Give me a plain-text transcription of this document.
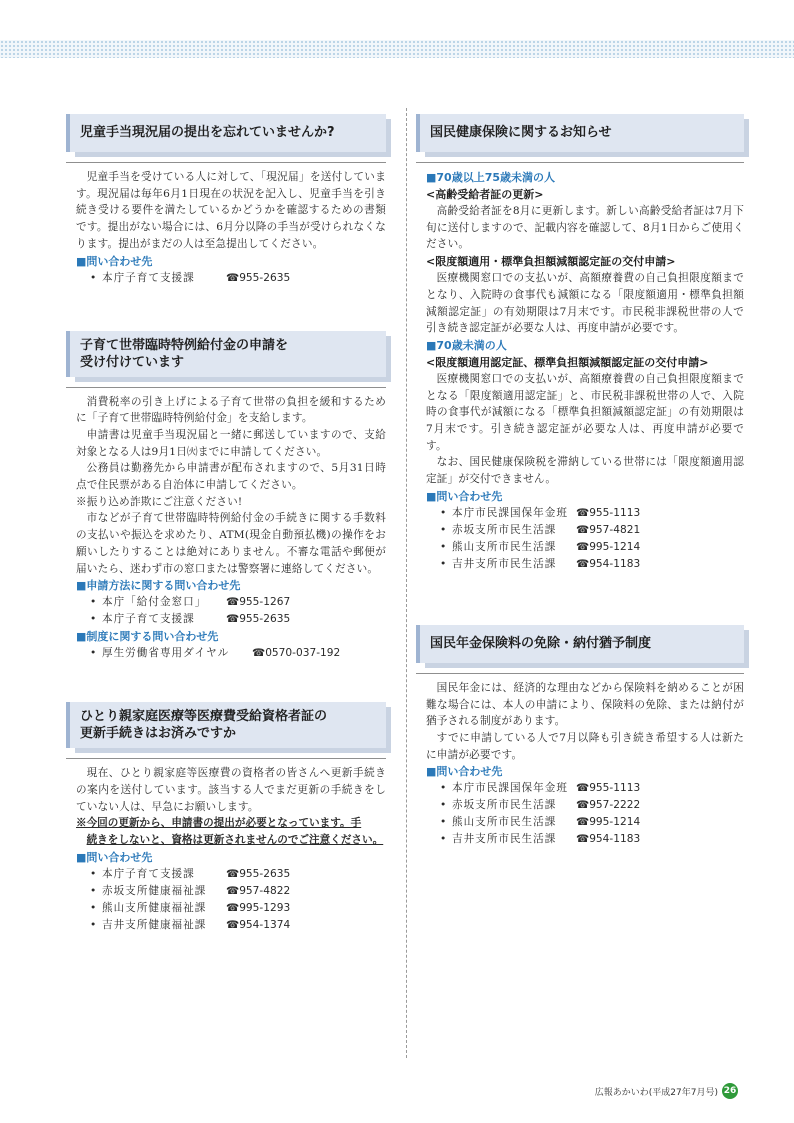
児童手当現況届の提出を忘れていませんか?

児童手当を受けている人に対して、「現況届」を送付しています。現況届は毎年6月1日現在の状況を記入し、児童手当を引き続き受ける要件を満たしているかどうかを確認するための書類です。提出がない場合には、6月分以降の手当が受けられなくなります。提出がまだの人は至急提出してください。

■問い合わせ先
• 本庁子育て支援課	☎955-2635
子育て世帯臨時特例給付金の申請を
受け付けています

消費税率の引き上げによる子育て世帯の負担を緩和するために「子育て世帯臨時特例給付金」を支給します。

申請書は児童手当現況届と一緒に郵送していますので、支給対象となる人は9月1日㈫までに申請してください。

公務員は勤務先から申請書が配布されますので、5月31日時点で住民票がある自治体に申請してください。

※振り込め詐欺にご注意ください!

市などが子育て世帯臨時特例給付金の手続きに関する手数料の支払いや振込を求めたり、ATM(現金自動預払機)の操作をお願いしたりすることは絶対にありません。不審な電話や郵便が届いたら、迷わず市の窓口または警察署に連絡してください。

■申請方法に関する問い合わせ先
• 本庁「給付金窓口」	☎955-1267
• 本庁子育て支援課	☎955-2635
■制度に関する問い合わせ先
• 厚生労働省専用ダイヤル	☎0570-037-192
ひとり親家庭医療等医療費受給資格者証の
更新手続きはお済みですか

現在、ひとり親家庭等医療費の資格者の皆さんへ更新手続きの案内を送付しています。該当する人でまだ更新の手続きをしていない人は、早急にお願いします。

※今回の更新から、申請書の提出が必要となっています。手
続きをしないと、資格は更新されませんのでご注意ください。
■問い合わせ先
• 本庁子育て支援課	☎955-2635
• 赤坂支所健康福祉課	☎957-4822
• 熊山支所健康福祉課	☎995-1293
• 吉井支所健康福祉課	☎954-1374
国民健康保険に関するお知らせ
■70歳以上75歳未満の人
<高齢受給者証の更新>

高齢受給者証を8月に更新します。新しい高齢受給者証は7月下旬に送付しますので、記載内容を確認して、8月1日からご使用ください。

<限度額適用・標準負担額減額認定証の交付申請>

医療機関窓口での支払いが、高額療養費の自己負担限度額までとなり、入院時の食事代も減額になる「限度額適用・標準負担額減額認定証」の有効期限は7月末です。市民税非課税世帯の人で引き続き認定証が必要な人は、再度申請が必要です。

■70歳未満の人
<限度額適用認定証、標準負担額減額認定証の交付申請>

医療機関窓口での支払いが、高額療養費の自己負担限度額までとなる「限度額適用認定証」と、市民税非課税世帯の人で、入院時の食事代が減額になる「標準負担額減額認定証」の有効期限は7月末です。引き続き認定証が必要な人は、再度申請が必要です。

なお、国民健康保険税を滞納している世帯には「限度額適用認定証」が交付できません。

■問い合わせ先
• 本庁市民課国保年金班 ☎955-1113
• 赤坂支所市民生活課	☎957-4821
• 熊山支所市民生活課	☎995-1214
• 吉井支所市民生活課	☎954-1183
国民年金保険料の免除・納付猶予制度

国民年金には、経済的な理由などから保険料を納めることが困難な場合には、本人の申請により、保険料の免除、または納付が猶予される制度があります。

すでに申請している人で7月以降も引き続き希望する人は新たに申請が必要です。

■問い合わせ先
• 本庁市民課国保年金班 ☎955-1113
• 赤坂支所市民生活課	☎957-2222
• 熊山支所市民生活課	☎995-1214
• 吉井支所市民生活課	☎954-1183
広報あかいわ(平成27年7月号) 26
